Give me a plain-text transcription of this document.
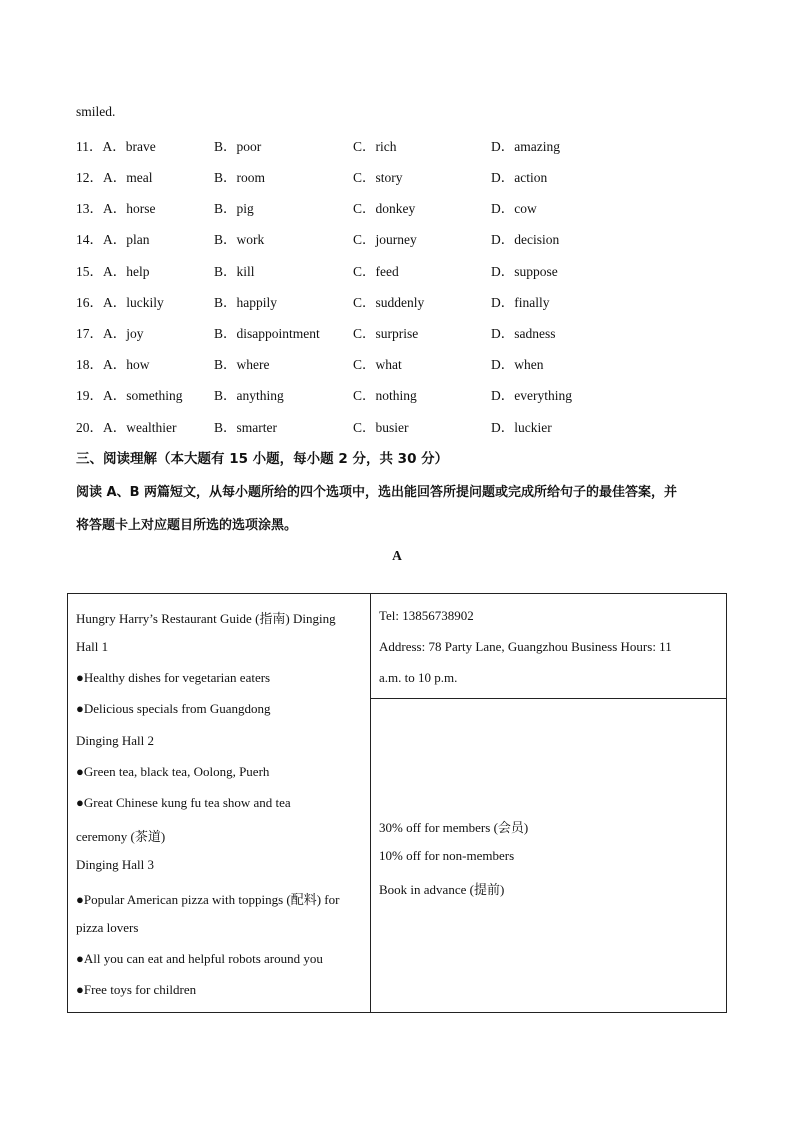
smiled.
11．A．brave	B．poor	C．rich	D．amazing
12．A．meal	B．room	C．story	D．action
13．A．horse	B．pig	C．donkey	D．cow
14．A．plan	B．work	C．journey	D．decision
15．A．help	B．kill	C．feed	D．suppose
16．A．luckily	B．happily	C．suddenly	D．finally
17．A．joy	B．disappointment C．surprise	D．sadness
18．A．how	B．where	C．what	D．when
19．A．something B．anything	C．nothing	D．everything
20．A．wealthier	B．smarter	C．busier	D．luckier
三、阅读理解（本大题有 15 小题，每小题 2 分，共 30 分）
阅读 A、B 两篇短文，从每小题所给的四个选项中，选出能回答所提问题或完成所给句子的最佳答案，并
将答题卡上对应题目所选的选项涂黑。
A
Hungry Harry’s Restaurant Guide (指南) Dinging
Hall 1
●Healthy dishes for vegetarian eaters
●Delicious specials from Guangdong
Dinging Hall 2
●Green tea, black tea, Oolong, Puerh
●Great Chinese kung fu tea show and tea
ceremony (茶道)
Dinging Hall 3
●Popular American pizza with toppings (配料) for
pizza lovers
●All you can eat and helpful robots around you
●Free toys for children
Tel: 13856738902
Address: 78 Party Lane, Guangzhou Business Hours: 11
a.m. to 10 p.m.
30% off for members (会员)
10% off for non-members
Book in advance (提前)
